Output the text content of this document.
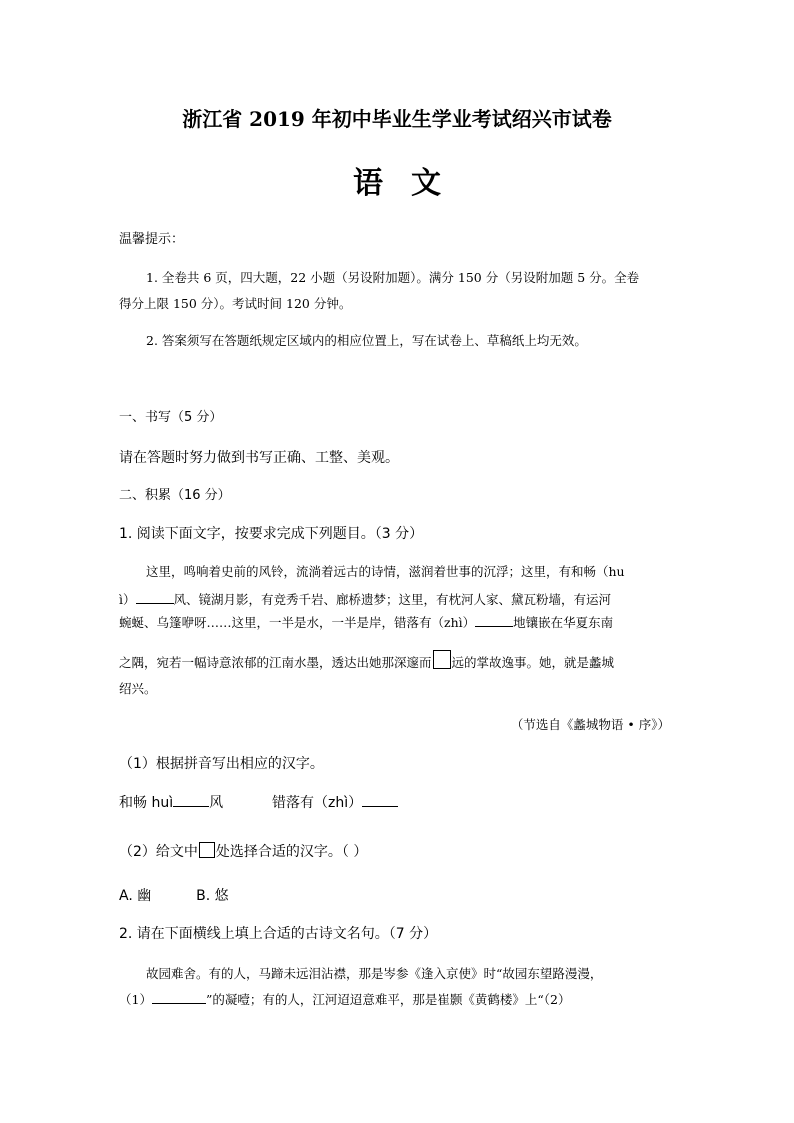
浙江省 2019 年初中毕业生学业考试绍兴市试卷
语文
温馨提示：
1. 全卷共 6 页，四大题，22 小题（另设附加题）。满分 150 分（另设附加题 5 分。全卷
得分上限 150 分）。考试时间 120 分钟。
2. 答案须写在答题纸规定区域内的相应位置上，写在试卷上、草稿纸上均无效。
一、书写（5 分）
请在答题时努力做到书写正确、工整、美观。
二、积累（16 分）
1. 阅读下面文字，按要求完成下列题目。（3 分）
这里，鸣响着史前的风铃，流淌着远古的诗情，滋润着世事的沉浮；这里，有和畅（hu
ì）	风、镜湖月影，有竞秀千岩、廊桥遗梦；这里，有枕河人家、黛瓦粉墙，有运河
蜿蜒、乌篷咿呀……这里，一半是水，一半是岸，错落有（zhì）	地镶嵌在华夏东南
之隅，宛若一幅诗意浓郁的江南水墨，透达出她那深邃而 远的掌故逸事。她，就是蠡城
绍兴。
（节选自《蠡城物语 • 序》）
（1）根据拼音写出相应的汉字。
和畅 huì	风	错落有（zhì）
（2）给文中 处选择合适的汉字。（ ）
A. 幽	B. 悠
2. 请在下面横线上填上合适的古诗文名句。（7 分）
故园难舍。有的人，马蹄未远泪沾襟，那是岑参《逢入京使》时“故园东望路漫漫，
（1）	”的凝噎；有的人，江河迢迢意难平，那是崔颢《黄鹤楼》上“（2）
